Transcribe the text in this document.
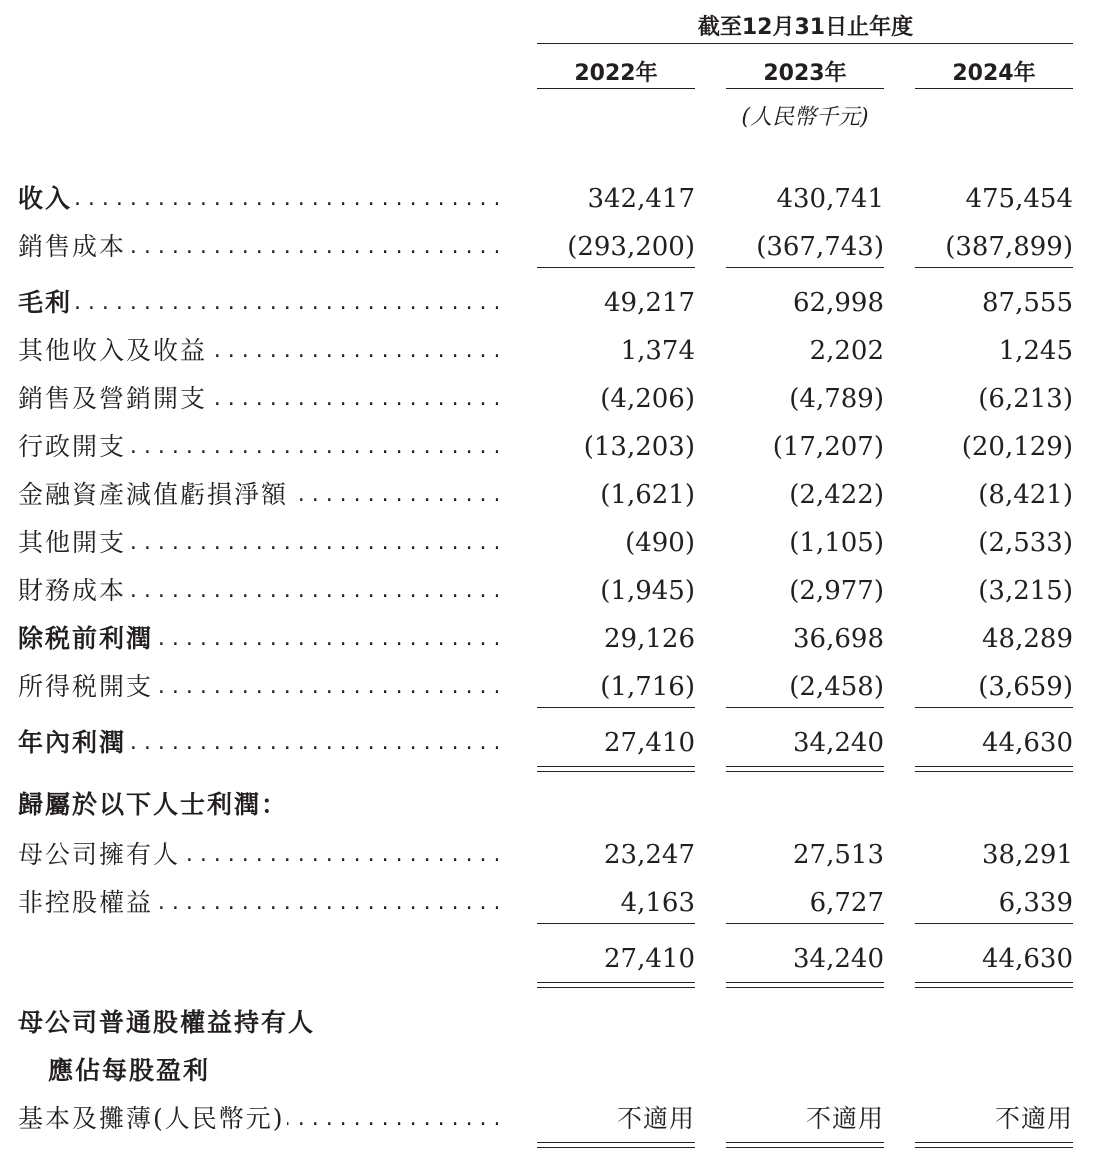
截至12月31日止年度
2022年	2023年	2024年
(人民幣千元)
收入 . . .	342,417	430,741	475,454
銷售成本 . . .	(293,200)	(367,743)	(387,899)
毛利 . . .	49,217	62,998	87,555
其他收入及收益 . . .	1,374	2,202	1,245
銷售及營銷開支 . . .	(4,206)	(4,789)	(6,213)
行政開支 . . .	(13,203)	(17,207)	(20,129)
金融資產減值虧損淨額 . . .	(1,621)	(2,422)	(8,421)
其他開支 . . .	(490)	(1,105)	(2,533)
財務成本 . . .	(1,945)	(2,977)	(3,215)
除税前利潤 . . .	29,126	36,698	48,289
所得税開支 . . .	(1,716)	(2,458)	(3,659)
年內利潤 . . .	27,410	34,240	44,630
歸屬於以下人士利潤：
母公司擁有人 . . .	23,247	27,513	38,291
非控股權益 . . .	4,163	6,727	6,339
27,410	34,240	44,630
母公司普通股權益持有人
應佔每股盈利
基本及攤薄(人民幣元) . . .	不適用	不適用	不適用
